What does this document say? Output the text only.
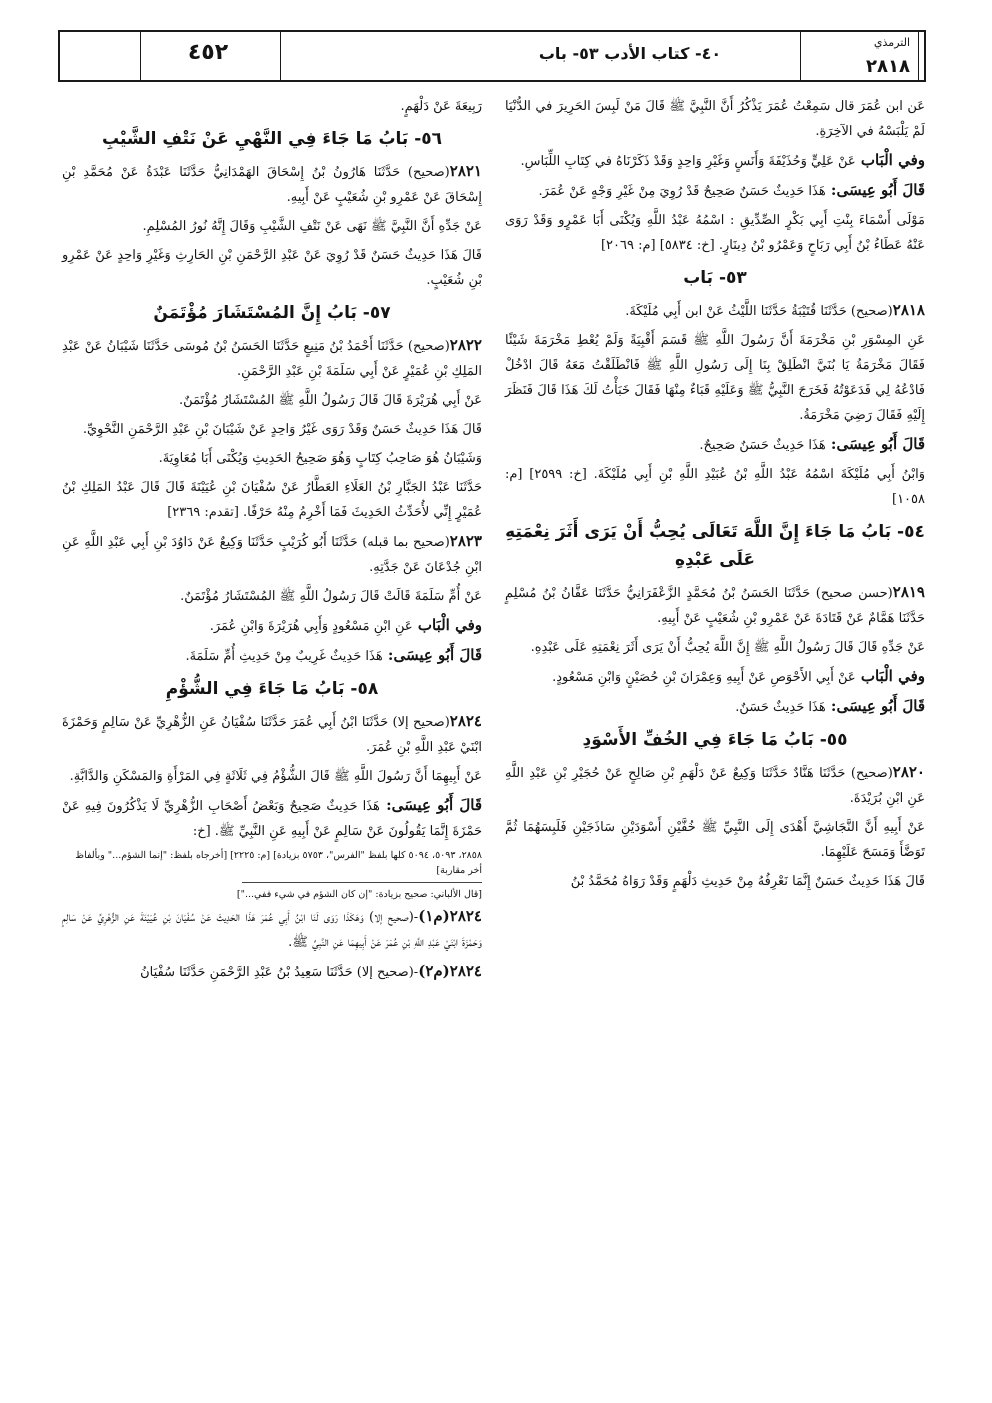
٤٥٢	٤٠- كتاب الأدب ٥٣- باب
الترمذي
٢٨١٨

عَن ابن عُمَرَ قال سَمِعْتُ عُمَرَ يَذْكُرُ أَنَّ النَّبِيَّ ﷺ قَالَ مَنْ لَبِسَ الحَرِيرَ في الدُّنْيَا لَمْ يَلْبَسْهُ في الآخِرَةِ.

وفي الْبَاب عَنْ عَلِيٍّ وَحُذَيْفَةَ وَأَنَسٍ وَغَيْرِ وَاحِدٍ وَقَدْ ذَكَرْنَاهُ في كِتَابِ اللِّبَاسِ.

قَالَ أَبُو عِيسَى: هَذَا حَدِيثٌ حَسَنٌ صَحِيحٌ قَدْ رُوِيَ مِنْ غَيْرِ وَجْهٍ عَنْ عُمَرَ.

مَوْلَى أَسْمَاءَ بِنْتِ أَبِي بَكْرٍ الصِّدِّيقِ : اسْمُهُ عَبْدُ اللَّهِ وَيُكْنَى أَبَا عَمْرٍو وَقَدْ رَوَى عَنْهُ عَطَاءُ بْنُ أَبِي رَبَاحٍ وَعَمْرُو بْنُ دِينَارٍ. [خ: ٥٨٣٤] [م: ٢٠٦٩]

٥٣- بَاب

٢٨١٨(صحيح) حَدَّثَنَا قُتَيْبَةُ حَدَّثَنَا اللَّيْثُ عَنْ ابن أَبِي مُلَيْكَةَ.

عَنِ المِسْوَرِ بْنِ مَخْرَمَةَ أَنَّ رَسُولَ اللَّهِ ﷺ قَسَمَ أَقْبِيَةً وَلَمْ يُعْطِ مَخْرَمَةَ شَيْئًا فَقَالَ مَخْرَمَةُ يَا بُنَيَّ انْطَلِقْ بِنَا إِلَى رَسُولِ اللَّهِ ﷺ فَانْطَلَقْتُ مَعَهُ قَالَ ادْخُلْ فَادْعُهُ لِي فَدَعَوْتُهُ فَخَرَجَ النَّبِيُّ ﷺ وَعَلَيْهِ قَبَاءٌ مِنْهَا فَقَالَ خَبَأْتُ لَكَ هَذَا قَالَ فَنَظَرَ إِلَيْهِ فَقَالَ رَضِيَ مَخْرَمَةُ.

قَالَ أَبُو عِيسَى: هَذَا حَدِيثٌ حَسَنٌ صَحِيحٌ.

وَابْنُ أَبِي مُلَيْكَةَ اسْمُهُ عَبْدُ اللَّهِ بْنُ عُبَيْدِ اللَّهِ بْنِ أَبِي مُلَيْكَةَ. [خ: ٢٥٩٩] [م: ١٠٥٨]

٥٤- بَابُ مَا جَاءَ إِنَّ اللَّهَ تَعَالَى يُحِبُّ أَنْ يَرَى أَثَرَ نِعْمَتِهِ عَلَى عَبْدِهِ

٢٨١٩(حسن صحيح) حَدَّثَنَا الحَسَنُ بْنُ مُحَمَّدٍ الزَّعْفَرَانِيُّ حَدَّثَنَا عَفَّانُ بْنُ مُسْلِمٍ حَدَّثَنَا هَمَّامٌ عَنْ قَتَادَةَ عَنْ عَمْرِو بْنِ شُعَيْبٍ عَنْ أَبِيهِ.

عَنْ جَدِّهِ قَالَ قَالَ رَسُولُ اللَّهِ ﷺ إِنَّ اللَّهَ يُحِبُّ أَنْ يَرَى أَثَرَ نِعْمَتِهِ عَلَى عَبْدِهِ.

وفي الْبَاب عَنْ أَبِي الأَحْوَصِ عَنْ أَبِيهِ وَعِمْرَانَ بْنِ حُصَيْنٍ وَابْنِ مَسْعُودٍ.

قَالَ أَبُو عِيسَى: هَذَا حَدِيثٌ حَسَنٌ.

٥٥- بَابُ مَا جَاءَ فِي الخُفِّ الأَسْوَدِ

٢٨٢٠(صحيح) حَدَّثَنَا هَنَّادٌ حَدَّثَنَا وَكِيعٌ عَنْ دَلْهَمِ بْنِ صَالِحٍ عَنْ حُجَيْرِ بْنِ عَبْدِ اللَّهِ عَنِ ابْنِ بُرَيْدَةَ.

عَنْ أَبِيهِ أَنَّ النَّجَاشِيَّ أَهْدَى إِلَى النَّبِيِّ ﷺ خُفَّيْنِ أَسْوَدَيْنِ سَاذَجَيْنِ فَلَبِسَهُمَا ثُمَّ تَوَضَّأَ وَمَسَحَ عَلَيْهِمَا.

قَالَ هَذَا حَدِيثٌ حَسَنٌ إِنَّمَا نَعْرِفُهُ مِنْ حَدِيثِ دَلْهَمٍ وَقَدْ رَوَاهُ مُحَمَّدُ بْنُ

رَبِيعَةَ عَنْ دَلْهَمٍ.

٥٦- بَابُ مَا جَاءَ فِي النَّهْيِ عَنْ نَتْفِ الشَّيْبِ

٢٨٢١(صحيح) حَدَّثَنَا هَارُونُ بْنُ إِسْحَاقَ الهَمْدَانِيُّ حَدَّثَنَا عَبْدَةُ عَنْ مُحَمَّدِ بْنِ إِسْحَاقَ عَنْ عَمْرِو بْنِ شُعَيْبٍ عَنْ أَبِيهِ.

عَنْ جَدِّهِ أَنَّ النَّبِيَّ ﷺ نَهَى عَنْ نَتْفِ الشَّيْبِ وَقَالَ إِنَّهُ نُورُ المُسْلِمِ.

قَالَ هَذَا حَدِيثٌ حَسَنٌ قَدْ رُوِيَ عَنْ عَبْدِ الرَّحْمَنِ بْنِ الحَارِثِ وَغَيْرِ وَاحِدٍ عَنْ عَمْرِو بْنِ شُعَيْبٍ.

٥٧- بَابُ إِنَّ المُسْتَشَارَ مُؤْتَمَنٌ

٢٨٢٢(صحيح) حَدَّثَنَا أَحْمَدُ بْنُ مَنِيعٍ حَدَّثَنَا الحَسَنُ بْنُ مُوسَى حَدَّثَنَا شَيْبَانُ عَنْ عَبْدِ المَلِكِ بْنِ عُمَيْرٍ عَنْ أَبِي سَلَمَةَ بْنِ عَبْدِ الرَّحْمَنِ.

عَنْ أَبِي هُرَيْرَةَ قَالَ قَالَ رَسُولُ اللَّهِ ﷺ المُسْتَشَارُ مُؤْتَمَنٌ.

قَالَ هَذَا حَدِيثٌ حَسَنٌ وَقَدْ رَوَى غَيْرُ وَاحِدٍ عَنْ شَيْبَانَ بْنِ عَبْدِ الرَّحْمَنِ النَّحْوِيِّ.

وَشَيْبَانُ هُوَ صَاحِبُ كِتَابٍ وَهُوَ صَحِيحُ الحَدِيثِ وَيُكْنَى أَبَا مُعَاوِيَةَ.

حَدَّثَنَا عَبْدُ الجَبَّارِ بْنُ العَلَاءِ العَطَّارُ عَنْ سُفْيَانَ بْنِ عُيَيْنَةَ قَالَ قَالَ عَبْدُ المَلِكِ بْنُ عُمَيْرٍ إِنِّي لأُحَدِّثُ الحَدِيثَ فَمَا أَخْرِمُ مِنْهُ حَرْفًا. [تقدم: ٢٣٦٩]

٢٨٢٣(صحيح بما قبله) حَدَّثَنَا أَبُو كُرَيْبٍ حَدَّثَنَا وَكِيعٌ عَنْ دَاوُدَ بْنِ أَبِي عَبْدِ اللَّهِ عَنِ ابْنِ جُدْعَانَ عَنْ جَدَّتِهِ.

عَنْ أُمِّ سَلَمَةَ قَالَتْ قَالَ رَسُولُ اللَّهِ ﷺ المُسْتَشَارُ مُؤْتَمَنٌ.

وفي الْبَاب عَنِ ابْنِ مَسْعُودٍ وَأَبِي هُرَيْرَةَ وَابْنِ عُمَرَ.

قَالَ أَبُو عِيسَى: هَذَا حَدِيثٌ غَرِيبٌ مِنْ حَدِيثِ أُمِّ سَلَمَةَ.

٥٨- بَابُ مَا جَاءَ فِي الشُّؤْمِ

٢٨٢٤(صحيح إلا) حَدَّثَنَا ابْنُ أَبِي عُمَرَ حَدَّثَنَا سُفْيَانُ عَنِ الزُّهْرِيِّ عَنْ سَالِمٍ وَحَمْزَةَ ابْنَيْ عَبْدِ اللَّهِ بْنِ عُمَرَ.

عَنْ أَبِيهِمَا أَنَّ رَسُولَ اللَّهِ ﷺ قَالَ الشُّؤْمُ فِي ثَلَاثَةٍ فِي المَرْأَةِ وَالمَسْكَنِ وَالدَّابَّةِ.

قَالَ أَبُو عِيسَى: هَذَا حَدِيثٌ صَحِيحٌ وَبَعْضُ أَصْحَابِ الزُّهْرِيِّ لَا يَذْكُرُونَ فِيهِ عَنْ حَمْزَةَ إِنَّمَا يَقُولُونَ عَنْ سَالِمٍ عَنْ أَبِيهِ عَنِ النَّبِيِّ ﷺ. [خ:

٢٨٥٨، ٥٠٩٣، ٥٠٩٤ كلها بلفظ "الفرس"، ٥٧٥٣ بزيادة] [م: ٢٢٢٥] [أخرجاه بلفظ: "إنما الشؤم..." وبألفاظ أخر مقاربة]
[قال الألباني: صحيح بزيادة: "إن كان الشؤم في شيء ففي..."]

٢٨٢٤(م١)-(صحيح إلا) وَهَكَذَا رَوَى لَنَا ابْنُ أَبِي عُمَرَ هَذَا الحَدِيثَ عَنْ سُفْيَانَ بْنِ عُيَيْنَةَ عَنِ الزُّهْرِيِّ عَنْ سَالِمٍ وَحَمْزَةَ ابْنَيْ عَبْدِ اللَّهِ بْنِ عُمَرَ عَنْ أَبِيهِمَا عَنِ النَّبِيِّ ﷺ.

٢٨٢٤(م٢)-(صحيح إلا) حَدَّثَنَا سَعِيدُ بْنُ عَبْدِ الرَّحْمَنِ حَدَّثَنَا سُفْيَانُ
